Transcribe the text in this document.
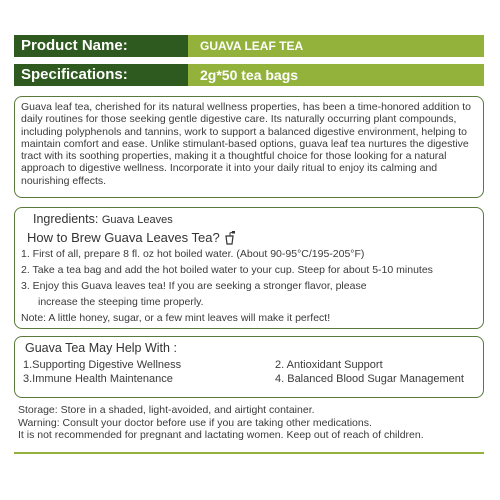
Product Name:	GUAVA LEAF TEA
Specifications:	2g*50 tea bags

Guava leaf tea, cherished for its natural wellness properties, has been a time-honored addition to daily routines for those seeking gentle digestive care. Its naturally occurring plant compounds, including polyphenols and tannins, work to support a balanced digestive environment, helping to maintain comfort and ease. Unlike stimulant-based options, guava leaf tea nurtures the digestive tract with its soothing properties, making it a thoughtful choice for those looking for a natural approach to digestive wellness. Incorporate it into your daily ritual to enjoy its calming and nourishing effects.

Ingredients: Guava Leaves
How to Brew Guava Leaves Tea?
1. First of all, prepare 8 fl. oz hot boiled water. (About 90-95°C/195-205°F)
2. Take a tea bag and add the hot boiled water to your cup. Steep for about 5-10 minutes
3. Enjoy this Guava leaves tea! If you are seeking a stronger flavor, please
increase the steeping time properly.
Note: A little honey, sugar, or a few mint leaves will make it perfect!
Guava Tea May Help With :
1.Supporting Digestive Wellness	2. Antioxidant Support
3.Immune Health Maintenance	4. Balanced Blood Sugar Management
Storage: Store in a shaded, light-avoided, and airtight container.
Warning: Consult your doctor before use if you are taking other medications.
It is not recommended for pregnant and lactating women. Keep out of reach of children.
